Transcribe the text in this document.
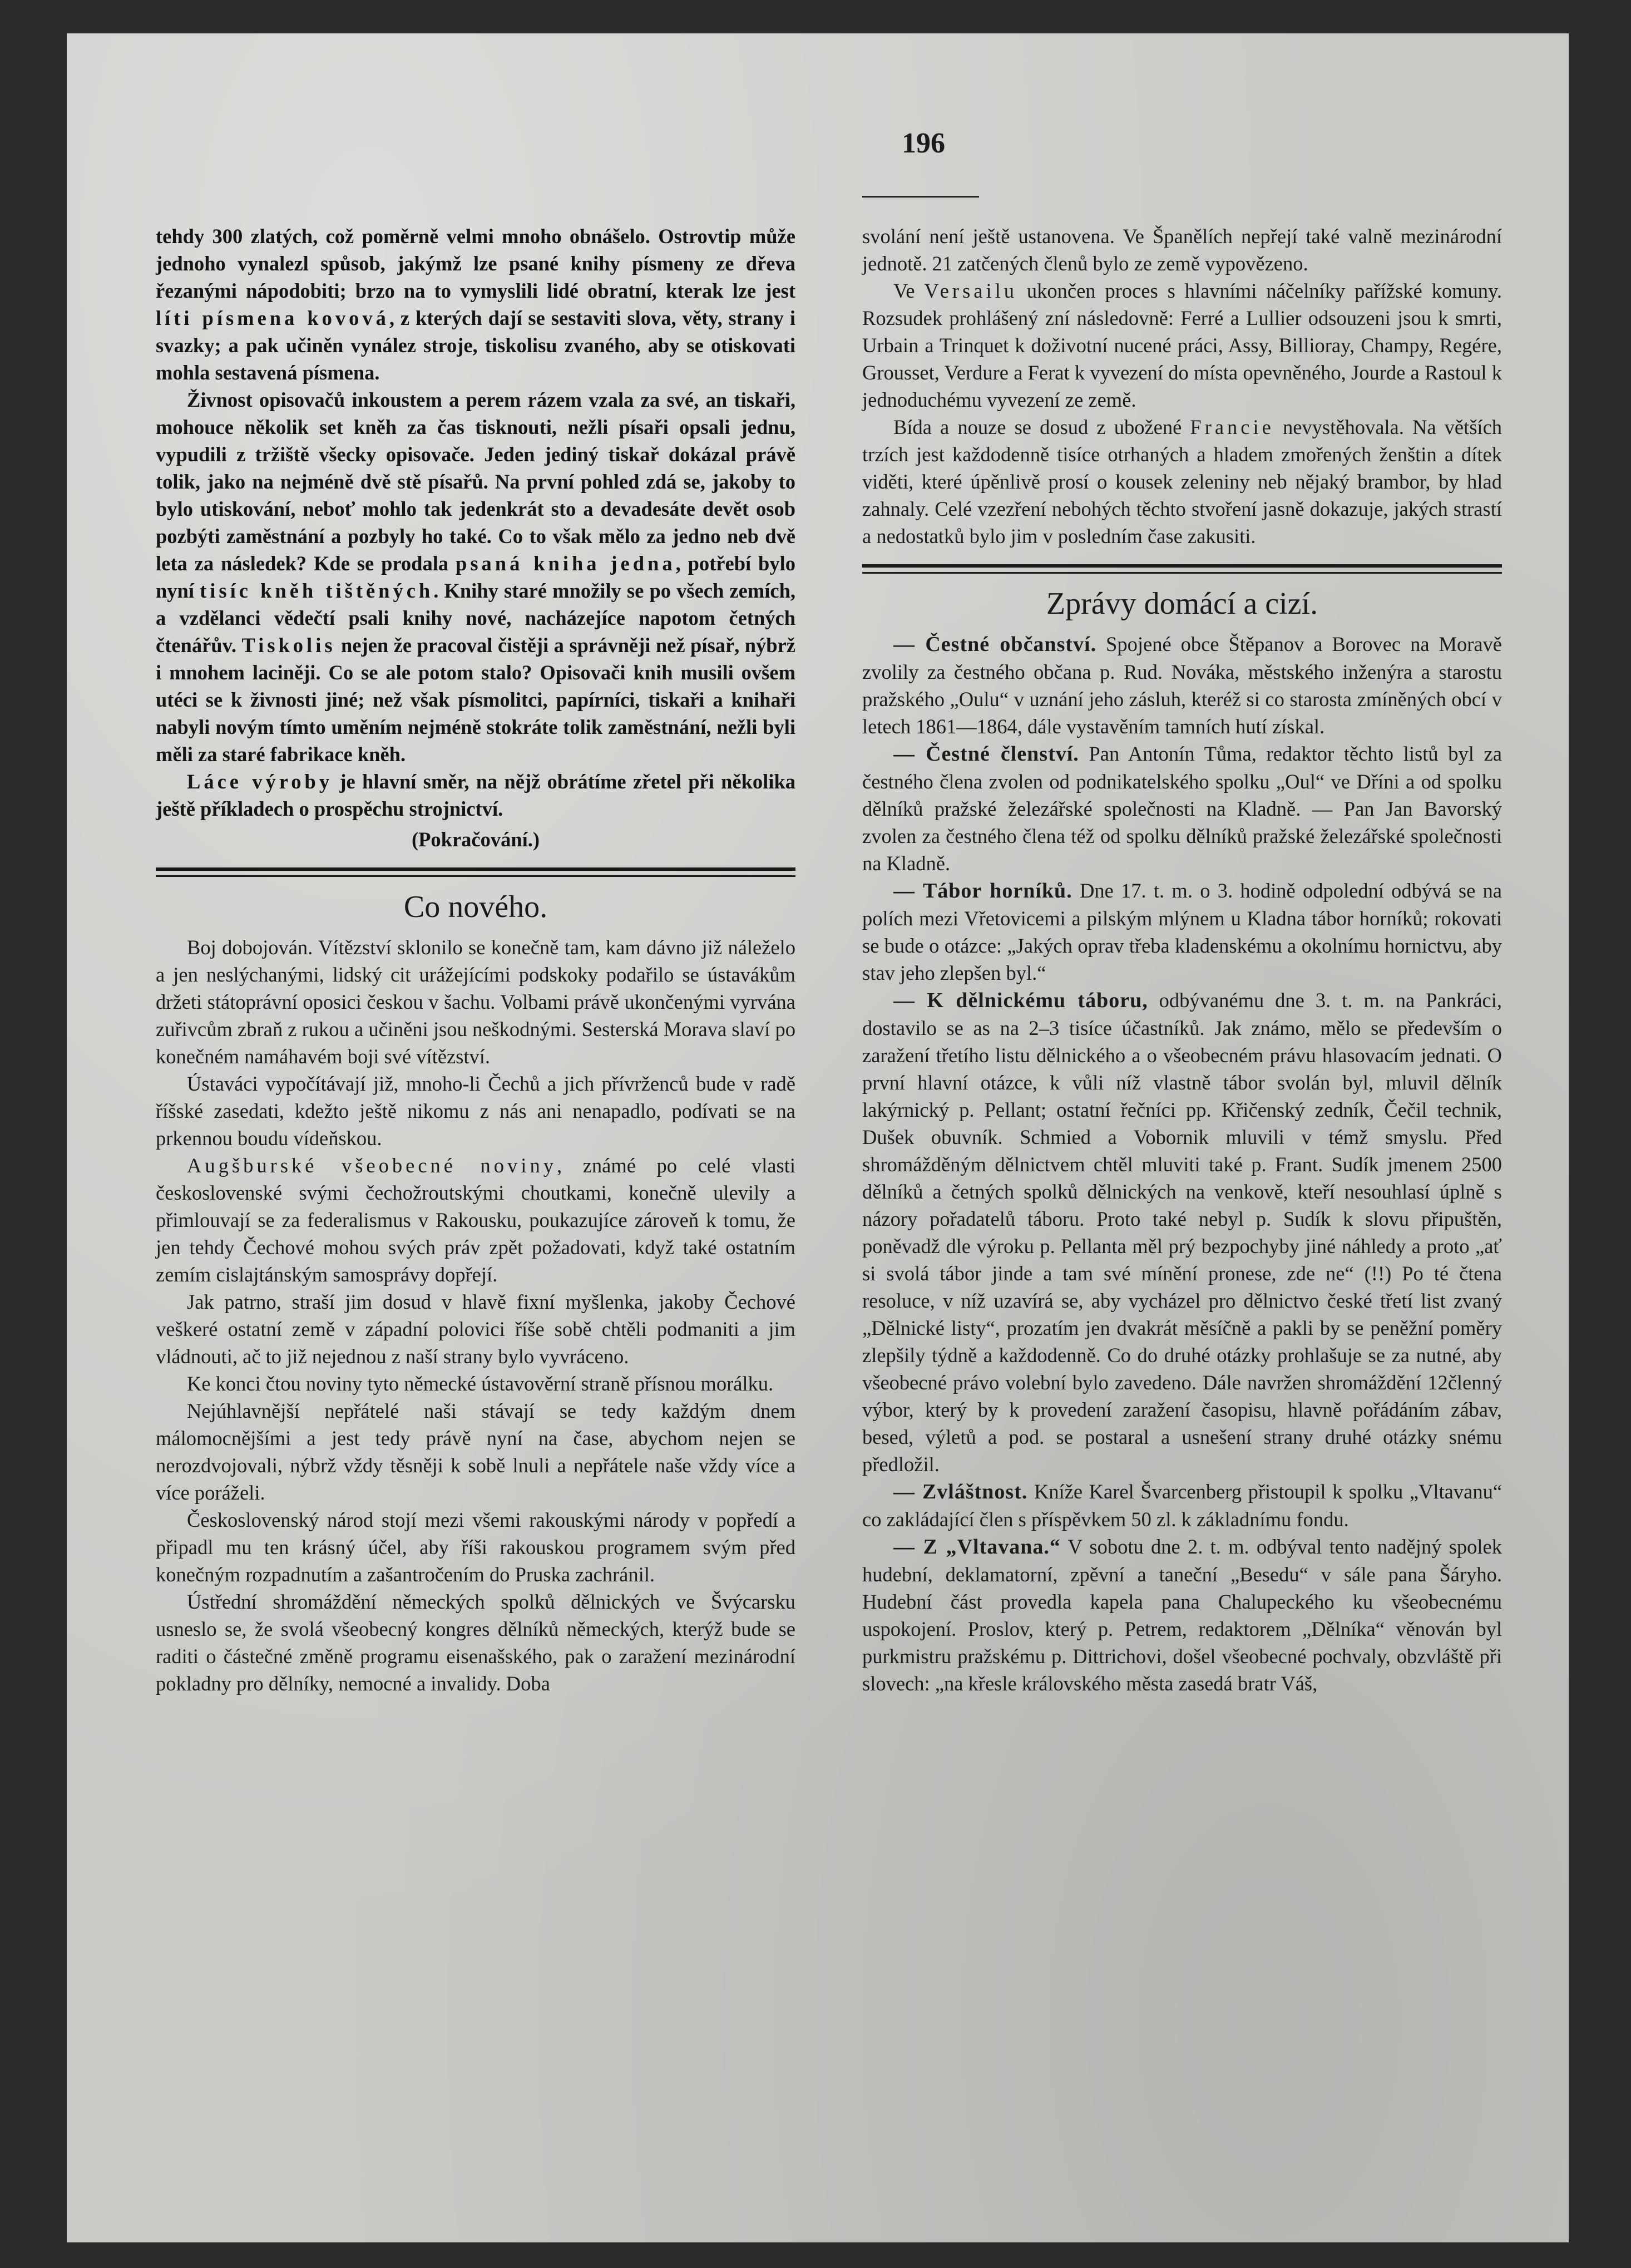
196

tehdy 300 zlatých, což poměrně velmi mnoho obnášelo. Ostrovtip může jednoho vynalezl spůsob, jakýmž lze psané knihy písmeny ze dřeva řezanými nápodobiti; brzo na to vymyslili lidé obratní, kterak lze jest líti písmena kovová, z kterých dají se sestaviti slova, věty, strany i svazky; a pak učiněn vynález stroje, tiskolisu zvaného, aby se otiskovati mohla sestavená písmena.

Živnost opisovačů inkoustem a perem rázem vzala za své, an tiskaři, mohouce několik set kněh za čas tisknouti, nežli písaři opsali jednu, vypudili z tržiště všecky opisovače. Jeden jediný tiskař dokázal právě tolik, jako na nejméně dvě stě písařů. Na první pohled zdá se, jakoby to bylo utiskování, neboť mohlo tak jedenkrát sto a devadesáte devět osob pozbýti zaměstnání a pozbyly ho také. Co to však mělo za jedno neb dvě leta za následek? Kde se prodala psaná kniha jedna, potřebí bylo nyní tisíc kněh tištěných. Knihy staré množily se po všech zemích, a vzdělanci vědečtí psali knihy nové, nacházejíce napotom četných čtenářův. Tiskolis nejen že pracoval čistěji a správněji než písař, nýbrž i mnohem laciněji. Co se ale potom stalo? Opisovači knih musili ovšem utéci se k živnosti jiné; než však písmolitci, papírníci, tiskaři a knihaři nabyli novým tímto uměním nejméně stokráte tolik zaměstnání, nežli byli měli za staré fabrikace kněh.

Láce výroby je hlavní směr, na nějž obrátíme zřetel při několika ještě příkladech o prospěchu strojnictví.

(Pokračování.)

Co nového.

Boj dobojován. Vítězství sklonilo se konečně tam, kam dávno již náleželo a jen neslýchanými, lidský cit urážejícími podskoky podařilo se ústavákům držeti státoprávní oposici českou v šachu. Volbami právě ukončenými vyrvána zuřivcům zbraň z rukou a učiněni jsou neškodnými. Sesterská Morava slaví po konečném namáhavém boji své vítězství.

Ústaváci vypočítávají již, mnoho-li Čechů a jich přívrženců bude v radě říšské zasedati, kdežto ještě nikomu z nás ani nenapadlo, podívati se na prkennou boudu vídeňskou.

Augšburské všeobecné noviny, známé po celé vlasti československé svými čechožroutskými choutkami, konečně ulevily a přimlouvají se za federalismus v Rakousku, poukazujíce zároveň k tomu, že jen tehdy Čechové mohou svých práv zpět požadovati, když také ostatním zemím cislajtánským samosprávy dopřejí.

Jak patrno, straší jim dosud v hlavě fixní myšlenka, jakoby Čechové veškeré ostatní země v západní polovici říše sobě chtěli podmaniti a jim vládnouti, ač to již nejednou z naší strany bylo vyvráceno.

Ke konci čtou noviny tyto německé ústavověrní straně přísnou morálku.

Nejúhlavnější nepřátelé naši stávají se tedy každým dnem málomocnějšími a jest tedy právě nyní na čase, abychom nejen se nerozdvojovali, nýbrž vždy těsněji k sobě lnuli a nepřátele naše vždy více a více poráželi.

Československý národ stojí mezi všemi rakouskými národy v popředí a připadl mu ten krásný účel, aby říši rakouskou programem svým před konečným rozpadnutím a zašantročením do Pruska zachránil.

Ústřední shromáždění německých spolků dělnických ve Švýcarsku usneslo se, že svolá všeobecný kongres dělníků německých, kterýž bude se raditi o částečné změně programu eisenašského, pak o zaražení mezinárodní pokladny pro dělníky, nemocné a invalidy. Doba

svolání není ještě ustanovena. Ve Španělích nepřejí také valně mezinárodní jednotě. 21 zatčených členů bylo ze země vypovězeno.

Ve Versailu ukončen proces s hlavními náčelníky pařížské komuny. Rozsudek prohlášený zní následovně: Ferré a Lullier odsouzeni jsou k smrti, Urbain a Trinquet k doživotní nucené práci, Assy, Billioray, Champy, Regére, Grousset, Verdure a Ferat k vyvezení do místa opevněného, Jourde a Rastoul k jednoduchému vyvezení ze země.

Bída a nouze se dosud z ubožené Francie nevystěhovala. Na větších trzích jest každodenně tisíce otrhaných a hladem zmořených ženštin a dítek viděti, které úpěnlivě prosí o kousek zeleniny neb nějaký brambor, by hlad zahnaly. Celé vzezření nebohých těchto stvoření jasně dokazuje, jakých strastí a nedostatků bylo jim v posledním čase zakusiti.

Zprávy domácí a cizí.

— Čestné občanství. Spojené obce Štěpanov a Borovec na Moravě zvolily za čestného občana p. Rud. Nováka, městského inženýra a starostu pražského „Oulu“ v uznání jeho zásluh, kteréž si co starosta zmíněných obcí v letech 1861—1864, dále vystavěním tamních hutí získal.

— Čestné členství. Pan Antonín Tůma, redaktor těchto listů byl za čestného člena zvolen od podnikatelského spolku „Oul“ ve Dříni a od spolku dělníků pražské železářské společnosti na Kladně. — Pan Jan Bavorský zvolen za čestného člena též od spolku dělníků pražské železářské společnosti na Kladně.

— Tábor horníků. Dne 17. t. m. o 3. hodině odpolední odbývá se na polích mezi Vřetovicemi a pilským mlýnem u Kladna tábor horníků; rokovati se bude o otázce: „Jakých oprav třeba kladenskému a okolnímu hornictvu, aby stav jeho zlepšen byl.“

— K dělnickému táboru, odbývanému dne 3. t. m. na Pankráci, dostavilo se as na 2–3 tisíce účastníků. Jak známo, mělo se především o zaražení třetího listu dělnického a o všeobecném právu hlasovacím jednati. O první hlavní otázce, k vůli níž vlastně tábor svolán byl, mluvil dělník lakýrnický p. Pellant; ostatní řečníci pp. Křičenský zedník, Čečil technik, Dušek obuvník. Schmied a Vobornik mluvili v témž smyslu. Před shromážděným dělnictvem chtěl mluviti také p. Frant. Sudík jmenem 2500 dělníků a četných spolků dělnických na venkově, kteří nesouhlasí úplně s názory pořadatelů táboru. Proto také nebyl p. Sudík k slovu připuštěn, poněvadž dle výroku p. Pellanta měl prý bezpochyby jiné náhledy a proto „ať si svolá tábor jinde a tam své mínění pronese, zde ne“ (!!) Po té čtena resoluce, v níž uzavírá se, aby vycházel pro dělnictvo české třetí list zvaný „Dělnické listy“, prozatím jen dvakrát měsíčně a pakli by se peněžní poměry zlepšily týdně a každodenně. Co do druhé otázky prohlašuje se za nutné, aby všeobecné právo volební bylo zavedeno. Dále navržen shromáždění 12členný výbor, který by k provedení zaražení časopisu, hlavně pořádáním zábav, besed, výletů a pod. se postaral a usnešení strany druhé otázky snému předložil.

— Zvláštnost. Kníže Karel Švarcenberg přistoupil k spolku „Vltavanu“ co zakládající člen s příspěvkem 50 zl. k základnímu fondu.

— Z „Vltavana.“ V sobotu dne 2. t. m. odbýval tento nadějný spolek hudební, deklamatorní, zpěvní a taneční „Besedu“ v sále pana Šáryho. Hudební část provedla kapela pana Chalupeckého ku všeobecnému uspokojení. Proslov, který p. Petrem, redaktorem „Dělníka“ věnován byl purkmistru pražskému p. Dittrichovi, došel všeobecné pochvaly, obzvláště při slovech: „na křesle královského města zasedá bratr Váš,
